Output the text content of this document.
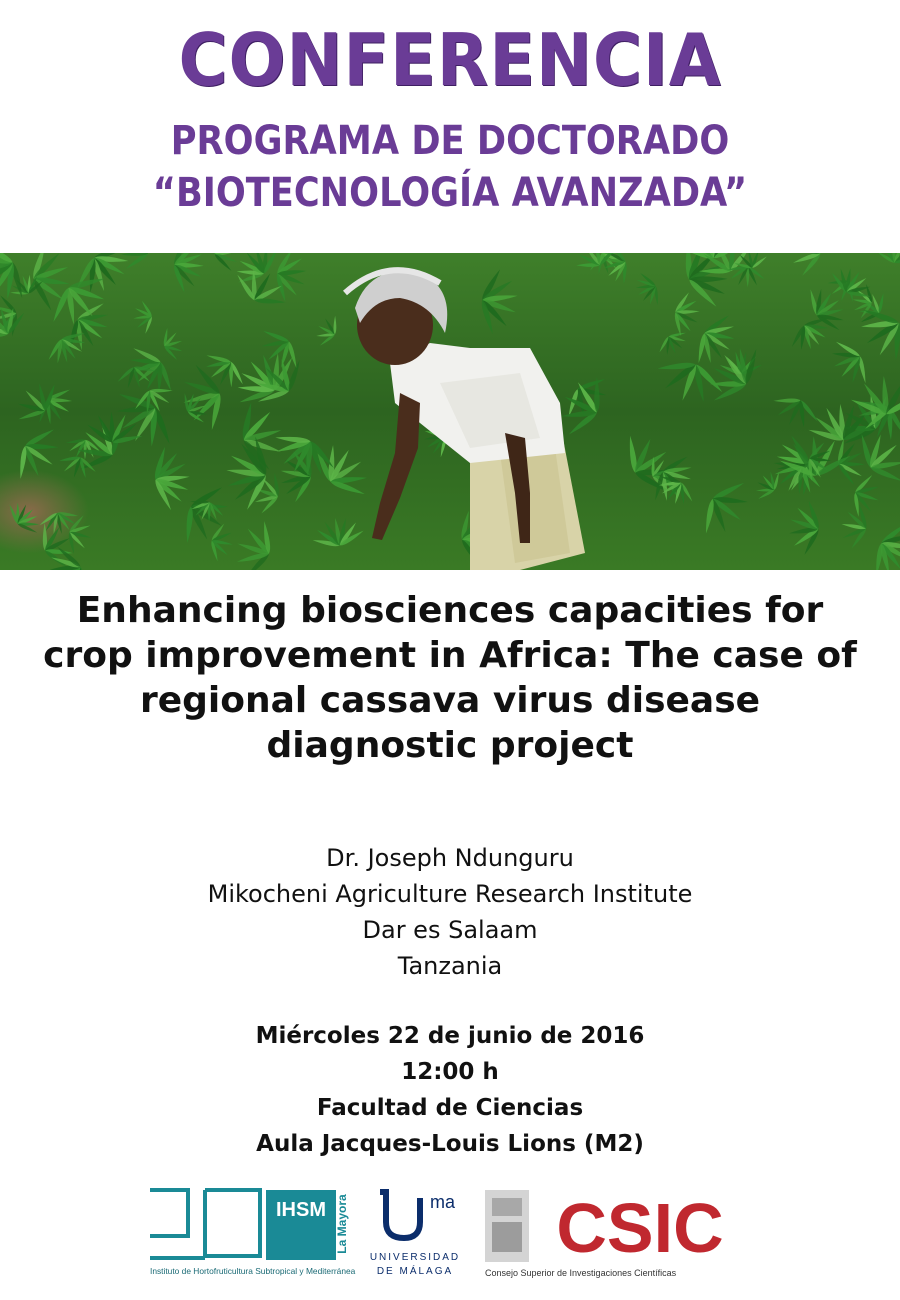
CONFERENCIA
PROGRAMA DE DOCTORADO
“BIOTECNOLOGÍA AVANZADA”
Enhancing biosciences capacities for crop improvement in Africa: The case of regional cassava virus disease diagnostic project
Dr. Joseph Ndunguru
Mikocheni Agriculture Research Institute
Dar es Salaam
Tanzania
Miércoles 22 de junio de 2016
12:00 h
Facultad de Ciencias
Aula Jacques-Louis Lions (M2)
IHSM La Mayora
Instituto de Hortofruticultura Subtropical y Mediterránea
ma
UNIVERSIDAD
DE MÁLAGA
CSIC
Consejo Superior de Investigaciones Científicas
